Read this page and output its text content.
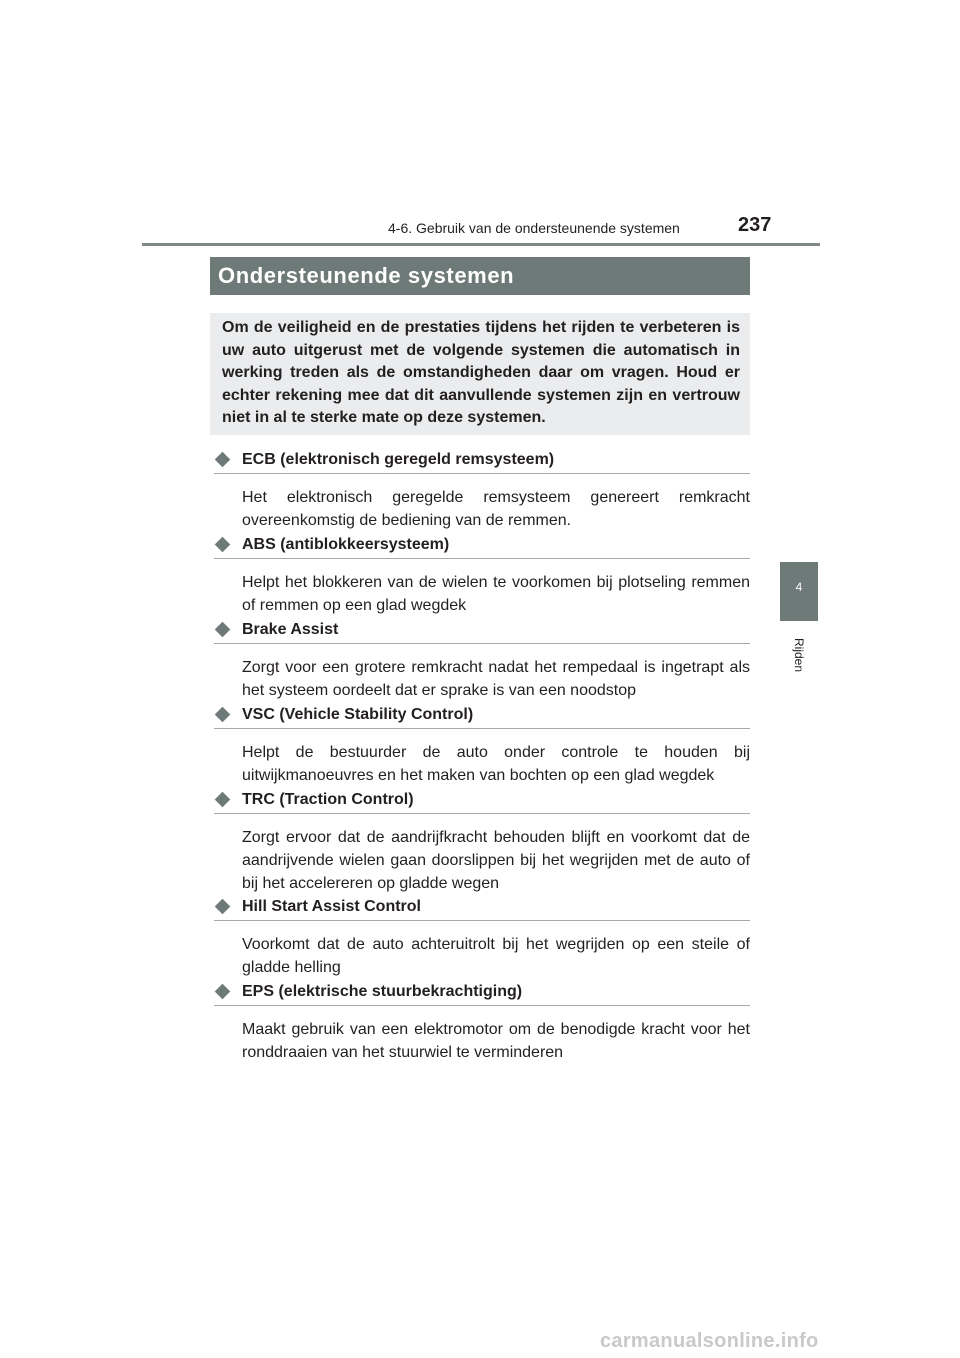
4-6. Gebruik van de ondersteunende systemen	237
Ondersteunende systemen

Om de veiligheid en de prestaties tijdens het rijden te verbeteren is uw auto uitgerust met de volgende systemen die automatisch in werking treden als de omstandigheden daar om vragen. Houd er echter rekening mee dat dit aanvullende systemen zijn en vertrouw niet in al te sterke mate op deze systemen.

ECB (elektronisch geregeld remsysteem)

Het elektronisch geregelde remsysteem genereert remkracht overeenkomstig de bediening van de remmen.

ABS (antiblokkeersysteem)

Helpt het blokkeren van de wielen te voorkomen bij plotseling remmen of remmen op een glad wegdek

Brake Assist

Zorgt voor een grotere remkracht nadat het rempedaal is ingetrapt als het systeem oordeelt dat er sprake is van een noodstop

VSC (Vehicle Stability Control)

Helpt de bestuurder de auto onder controle te houden bij uitwijkmanoeuvres en het maken van bochten op een glad wegdek

TRC (Traction Control)

Zorgt ervoor dat de aandrijfkracht behouden blijft en voorkomt dat de aandrijvende wielen gaan doorslippen bij het wegrijden met de auto of bij het accelereren op gladde wegen

Hill Start Assist Control

Voorkomt dat de auto achteruitrolt bij het wegrijden op een steile of gladde helling

EPS (elektrische stuurbekrachtiging)

Maakt gebruik van een elektromotor om de benodigde kracht voor het ronddraaien van het stuurwiel te verminderen

4
Rijden
carmanualsonline.info
